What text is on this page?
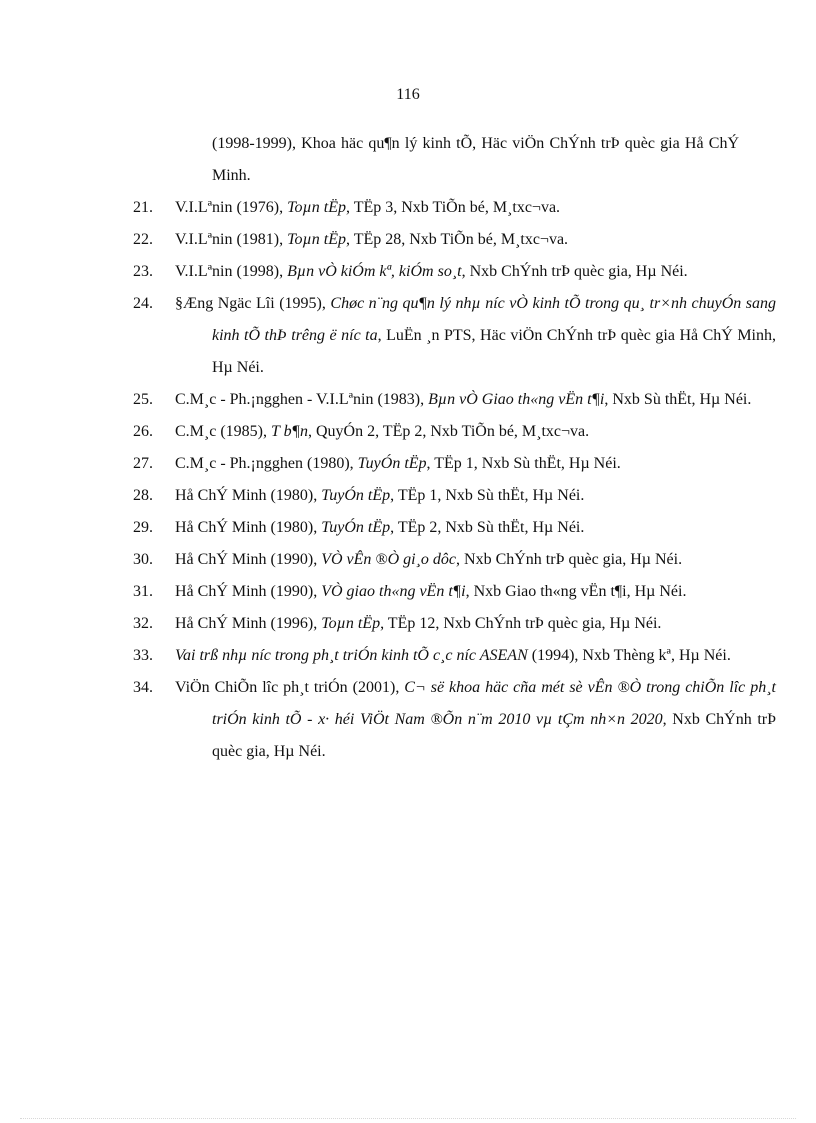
116
(1998-1999), Khoa häc qu¶n lý kinh tÕ, Häc viÖn ChÝnh trÞ quèc gia Hå ChÝ Minh.
21.	V.I.Lªnin (1976), Toµn tËp, TËp 3, Nxb TiÕn bé, M¸txc¬va.
22.	V.I.Lªnin (1981), Toµn tËp, TËp 28, Nxb TiÕn bé, M¸txc¬va.
23.	V.I.Lªnin (1998), Bµn vÒ kiÓm kª, kiÓm so¸t, Nxb ChÝnh trÞ quèc gia, Hµ Néi.
24.	§Æng Ngäc Lîi (1995), Chøc n¨ng qu¶n lý nhµ níc vÒ kinh tÕ trong qu¸ tr×nh chuyÓn sang kinh tÕ thÞ trêng ë níc ta, LuËn ¸n PTS, Häc viÖn ChÝnh trÞ quèc gia Hå ChÝ Minh, Hµ Néi.
25.	C.M¸c - Ph.¡ngghen - V.I.Lªnin (1983), Bµn vÒ Giao th«ng vËn t¶i, Nxb Sù thËt, Hµ Néi.
26.	C.M¸c (1985), T b¶n, QuyÓn 2, TËp 2, Nxb TiÕn bé, M¸txc¬va.
27.	C.M¸c - Ph.¡ngghen (1980), TuyÓn tËp, TËp 1, Nxb Sù thËt, Hµ Néi.
28.	Hå ChÝ Minh (1980), TuyÓn tËp, TËp 1, Nxb Sù thËt, Hµ Néi.
29.	Hå ChÝ Minh (1980), TuyÓn tËp, TËp 2, Nxb Sù thËt, Hµ Néi.
30.	Hå ChÝ Minh (1990), VÒ vÊn ®Ò gi¸o dôc, Nxb ChÝnh trÞ quèc gia, Hµ Néi.
31.	Hå ChÝ Minh (1990), VÒ giao th«ng vËn t¶i, Nxb Giao th«ng vËn t¶i, Hµ Néi.
32.	Hå ChÝ Minh (1996), Toµn tËp, TËp 12, Nxb ChÝnh trÞ quèc gia, Hµ Néi.
33.	Vai trß nhµ níc trong ph¸t triÓn kinh tÕ c¸c níc ASEAN (1994), Nxb Thèng kª, Hµ Néi.
34.	ViÖn ChiÕn lîc ph¸t triÓn (2001), C¬ së khoa häc cña mét sè vÊn ®Ò trong chiÕn lîc ph¸t triÓn kinh tÕ - x· héi ViÖt Nam ®Õn n¨m 2010 vµ tÇm nh×n 2020, Nxb ChÝnh trÞ quèc gia, Hµ Néi.
